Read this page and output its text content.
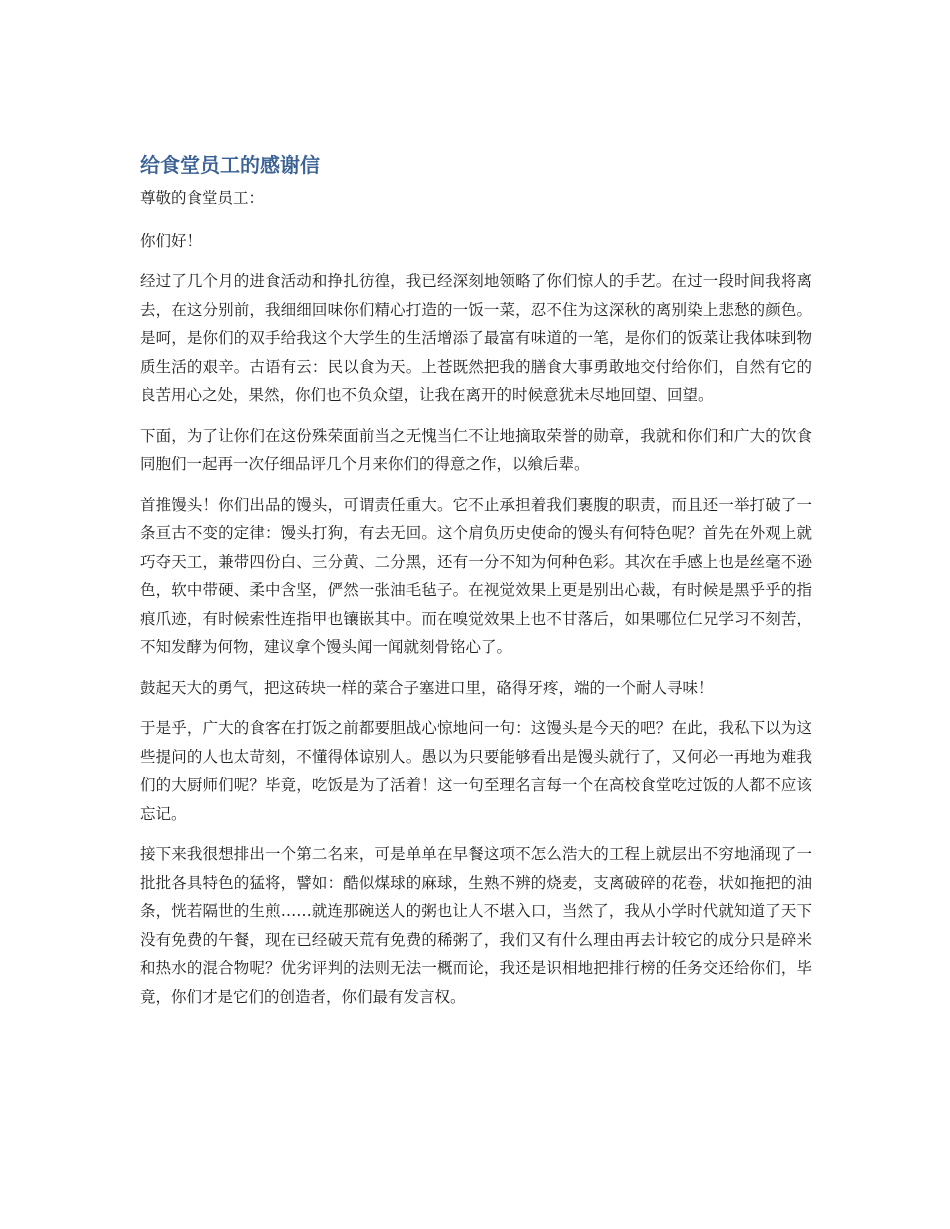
给食堂员工的感谢信

尊敬的食堂员工：

你们好！

经过了几个月的进食活动和挣扎彷徨，我已经深刻地领略了你们惊人的手艺。在过一段时间我将离去，在这分别前，我细细回味你们精心打造的一饭一菜，忍不住为这深秋的离别染上悲愁的颜色。是呵，是你们的双手给我这个大学生的生活增添了最富有味道的一笔，是你们的饭菜让我体味到物质生活的艰辛。古语有云：民以食为天。上苍既然把我的膳食大事勇敢地交付给你们，自然有它的良苦用心之处，果然，你们也不负众望，让我在离开的时候意犹未尽地回望、回望。

下面，为了让你们在这份殊荣面前当之无愧当仁不让地摘取荣誉的勋章，我就和你们和广大的饮食同胞们一起再一次仔细品评几个月来你们的得意之作，以飨后辈。

首推馒头！你们出品的馒头，可谓责任重大。它不止承担着我们裹腹的职责，而且还一举打破了一条亘古不变的定律：馒头打狗，有去无回。这个肩负历史使命的馒头有何特色呢？首先在外观上就巧夺天工，兼带四份白、三分黄、二分黑，还有一分不知为何种色彩。其次在手感上也是丝毫不逊色，软中带硬、柔中含坚，俨然一张油毛毡子。在视觉效果上更是别出心裁，有时候是黑乎乎的指痕爪迹，有时候索性连指甲也镶嵌其中。而在嗅觉效果上也不甘落后，如果哪位仁兄学习不刻苦，不知发酵为何物，建议拿个馒头闻一闻就刻骨铭心了。

鼓起天大的勇气，把这砖块一样的菜合子塞进口里，硌得牙疼，端的一个耐人寻味！

于是乎，广大的食客在打饭之前都要胆战心惊地问一句：这馒头是今天的吧？在此，我私下以为这些提问的人也太苛刻，不懂得体谅别人。愚以为只要能够看出是馒头就行了，又何必一再地为难我们的大厨师们呢？毕竟，吃饭是为了活着！这一句至理名言每一个在高校食堂吃过饭的人都不应该忘记。

接下来我很想排出一个第二名来，可是单单在早餐这项不怎么浩大的工程上就层出不穷地涌现了一批批各具特色的猛将，譬如：酷似煤球的麻球，生熟不辨的烧麦，支离破碎的花卷，状如拖把的油条，恍若隔世的生煎……就连那碗送人的粥也让人不堪入口，当然了，我从小学时代就知道了天下没有免费的午餐，现在已经破天荒有免费的稀粥了，我们又有什么理由再去计较它的成分只是碎米和热水的混合物呢？优劣评判的法则无法一概而论，我还是识相地把排行榜的任务交还给你们，毕竟，你们才是它们的创造者，你们最有发言权。
